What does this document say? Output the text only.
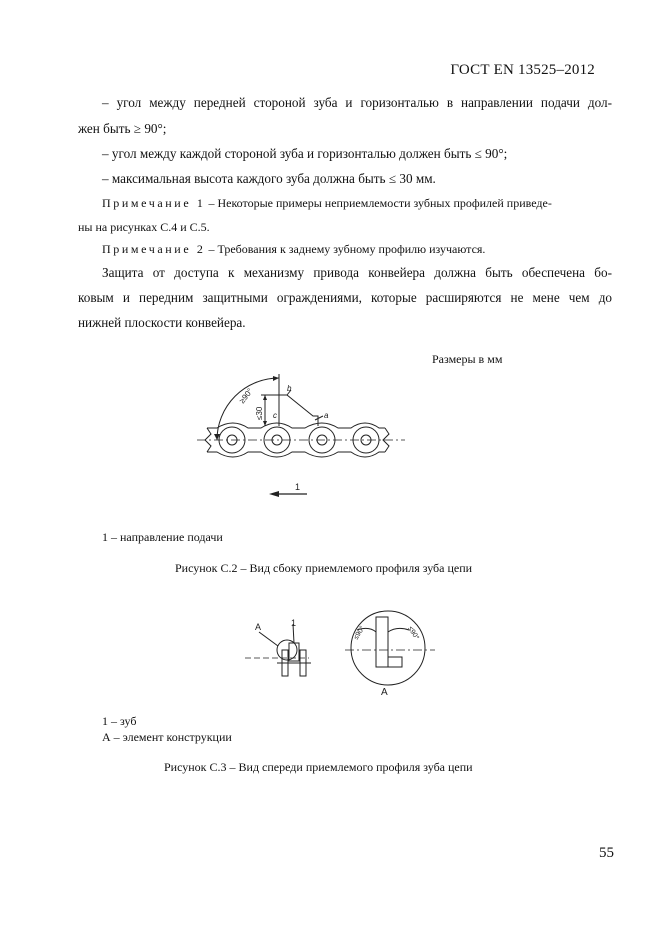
ГОСТ EN 13525–2012
– угол между передней стороной зуба и горизонталью в направлении подачи дол-
жен быть ≥ 90°;
– угол между каждой стороной зуба и горизонталью должен быть ≤ 90°;
– максимальная высота каждого зуба должна быть ≤ 30 мм.
Примечание 1 – Некоторые примеры неприемлемости зубных профилей приведе-
ны на рисунках С.4 и С.5.
Примечание 2 – Требования к заднему зубному профилю изучаются.
Защита от доступа к механизму привода конвейера должна быть обеспечена бо-
ковым и передним защитными ограждениями, которые расширяются не мене чем до
нижней плоскости конвейера.
Размеры в мм
≥90°
≤30
b
c	a
1
1 – направление подачи
Рисунок С.2 – Вид сбоку приемлемого профиля зуба цепи
A	1
≤90°	≤90°
A
1 – зуб
А – элемент конструкции
Рисунок С.3 – Вид спереди приемлемого профиля зуба цепи
55
